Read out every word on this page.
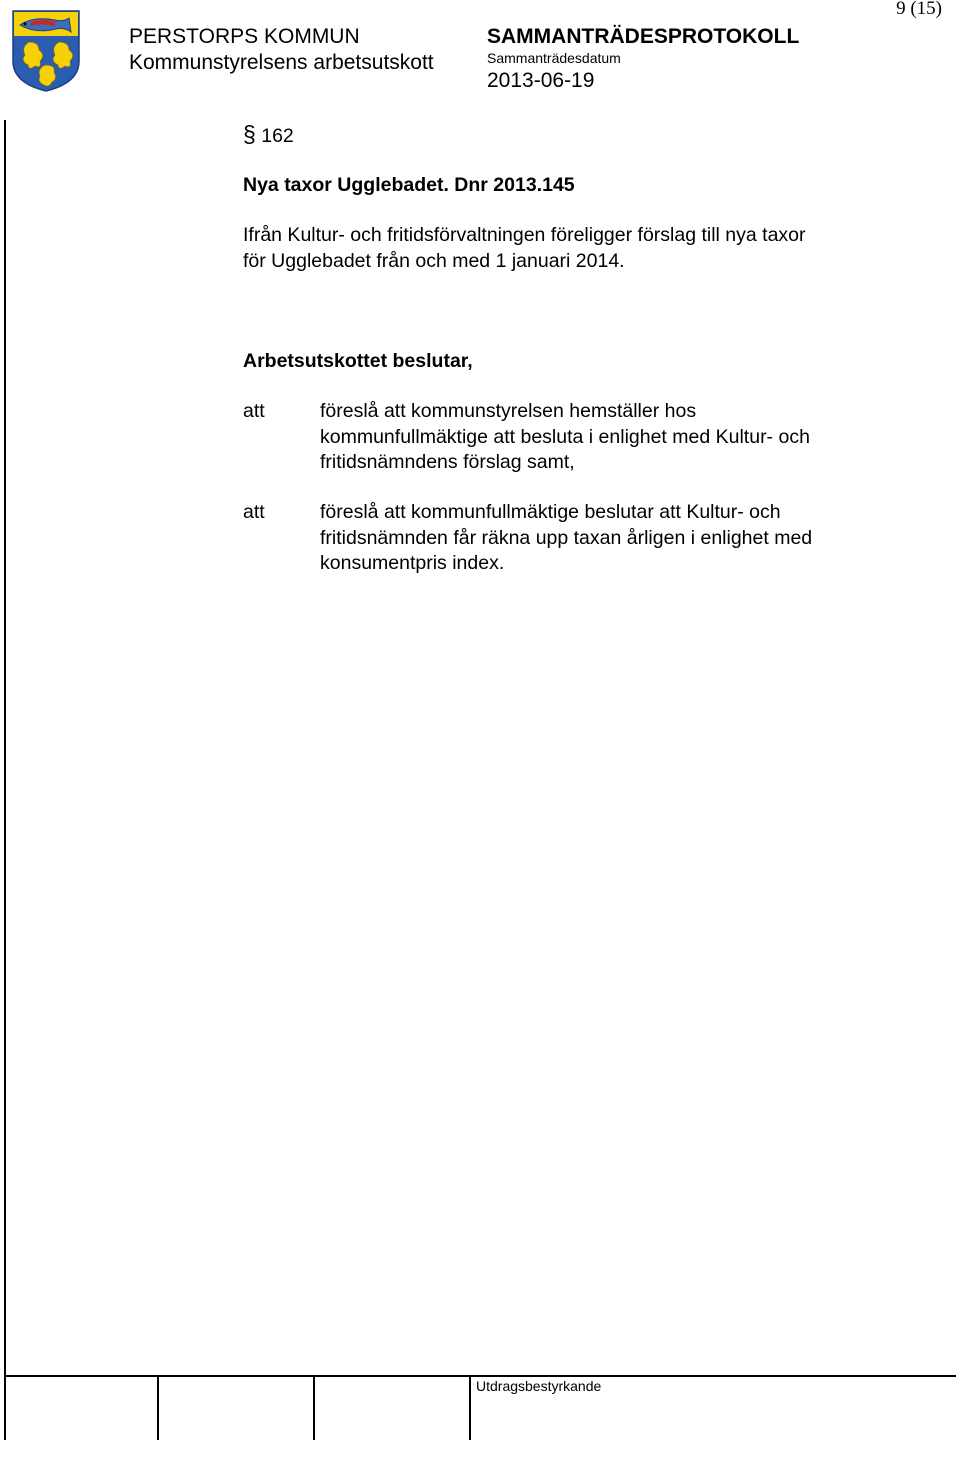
9 (15)
PERSTORPS KOMMUN
Kommunstyrelsens arbetsutskott
SAMMANTRÄDESPROTOKOLL
Sammanträdesdatum
2013-06-19
§ 162
Nya taxor Ugglebadet. Dnr 2013.145
Ifrån Kultur- och fritidsförvaltningen föreligger förslag till nya taxor
för Ugglebadet från och med 1 januari 2014.
Arbetsutskottet beslutar,
att	föreslå att kommunstyrelsen hemställer hos
kommunfullmäktige att besluta i enlighet med Kultur- och
fritidsnämndens förslag samt,
att	föreslå att kommunfullmäktige beslutar att Kultur- och
fritidsnämnden får räkna upp taxan årligen i enlighet med
konsumentpris index.
Utdragsbestyrkande
